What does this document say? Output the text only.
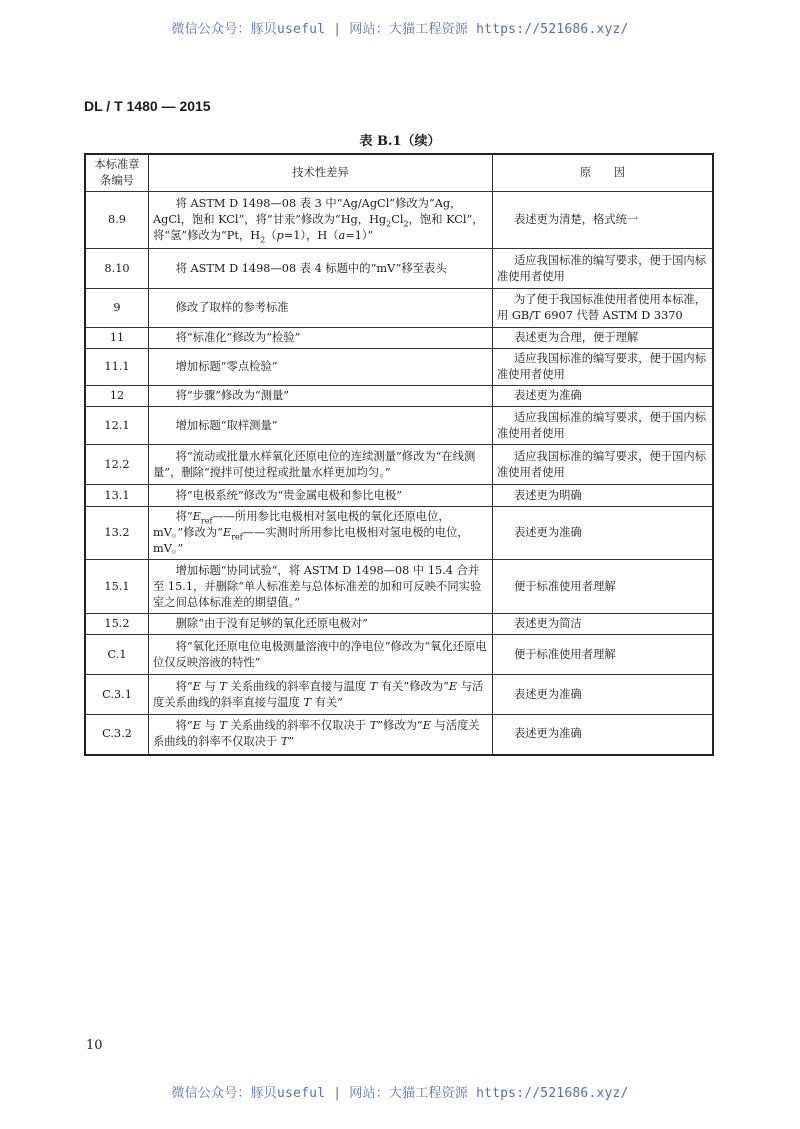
微信公众号：豚贝useful | 网站：大猫工程资源 https://521686.xyz/
DL / T 1480 — 2015
表 B.1（续）
本标准章条编号	技术性差异	原　　因
8.9	将 ASTM D 1498—08 表 3 中“Ag/AgCl”修改为“Ag，AgCl，饱和 KCl”，将“甘汞”修改为“Hg，$Hg_2Cl_2$，饱和 KCl”，将“氢”修改为“Pt，$H_2(p=1)$，H（a=1）”	表述更为清楚，格式统一
8.10	将 ASTM D 1498—08 表 4 标题中的“mV”移至表头	适应我国标准的编写要求，便于国内标准使用者使用
9	修改了取样的参考标准	为了便于我国标准使用者使用本标准，用 GB/T 6907 代替 ASTM D 3370
11	将“标准化”修改为“检验”	表述更为合理，便于理解
11.1	增加标题“零点检验”	适应我国标准的编写要求，便于国内标准使用者使用
12	将“步骤”修改为“测量”	表述更为准确
12.1	增加标题“取样测量”	适应我国标准的编写要求，便于国内标准使用者使用
12.2	将“流动或批量水样氧化还原电位的连续测量”修改为“在线测量”，删除“搅拌可使过程或批量水样更加均匀。”	适应我国标准的编写要求，便于国内标准使用者使用
13.1	将“电极系统”修改为“贵金属电极和参比电极”	表述更为明确
13.2	将“$E_{ref}——$所用参比电极相对氢电极的氧化还原电位，mV。”修改为“$E_{ref}——$实测时所用参比电极相对氢电极的电位，mV。”	表述更为准确
15.1	增加标题“协同试验”，将 ASTM D 1498—08 中 15.4 合并至 15.1，并删除“单人标准差与总体标准差的加和可反映不同实验室之间总体标准差的期望值。”	便于标准使用者理解
15.2	删除“由于没有足够的氧化还原电极对”	表述更为简洁
C.1	将“氧化还原电位电极测量溶液中的净电位”修改为“氧化还原电位仅反映溶液的特性”	便于标准使用者理解
C.3.1	将“E 与 T 关系曲线的斜率直接与温度 T 有关”修改为“E 与活度关系曲线的斜率直接与温度 T 有关”	表述更为准确
C.3.2	将“E 与 T 关系曲线的斜率不仅取决于 T”修改为“E 与活度关系曲线的斜率不仅取决于 T”	表述更为准确
10
微信公众号：豚贝useful | 网站：大猫工程资源 https://521686.xyz/
